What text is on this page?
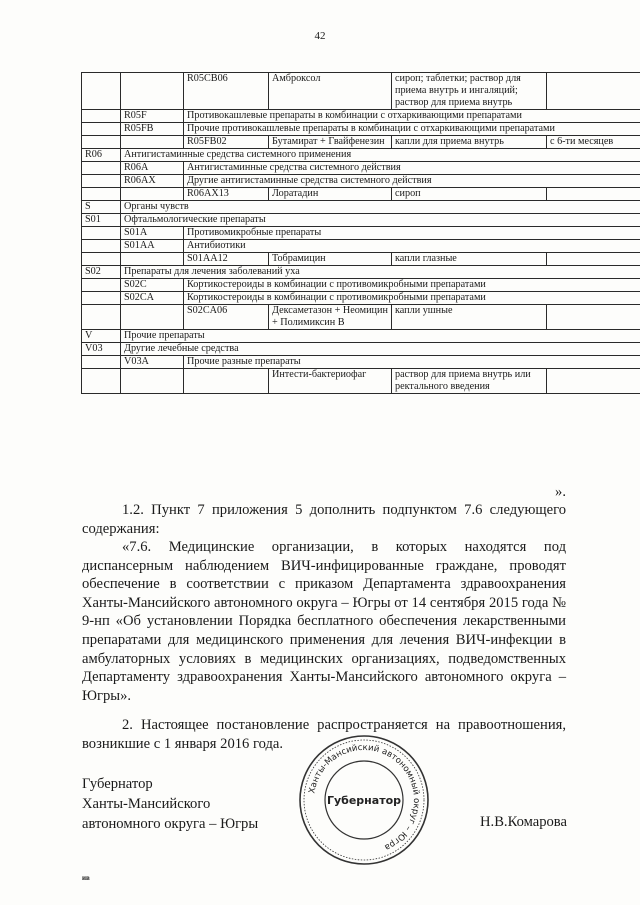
42
		R05CB06	Амброксол	сироп; таблетки; раствор для приема внутрь и ингаляций; раствор для приема внутрь	
	R05F	Противокашлевые препараты в комбинации с отхаркивающими препаратами			
	R05FB	Прочие противокашлевые препараты в комбинации с отхаркивающими препаратами			
		R05FB02	Бутамират + Гвайфенезин	капли для приема внутрь	с 6-ти месяцев
R06	Антигистаминные средства системного применения				
	R06A	Антигистаминные средства системного действия			
	R06AX	Другие антигистаминные средства системного действия			
		R06AX13	Лоратадин	сироп	
S	Органы чувств				
S01	Офтальмологические препараты				
	S01A	Противомикробные препараты			
	S01AA	Антибиотики			
		S01AA12	Тобрамицин	капли глазные	
S02	Препараты для лечения заболеваний уха				
	S02C	Кортикостероиды в комбинации с противомикробными препаратами			
	S02CA	Кортикостероиды в комбинации с противомикробными препаратами			
		S02CA06	Дексаметазон + Неомицин + Полимиксин В	капли ушные	
V	Прочие препараты				
V03	Другие лечебные средства				
	V03A	Прочие разные препараты			
			Интести-бактериофаг	раствор для приема внутрь или ректального введения	

».

1.2. Пункт 7 приложения 5 дополнить подпунктом 7.6 следующего содержания:

«7.6. Медицинские организации, в которых находятся под диспансерным наблюдением ВИЧ-инфицированные граждане, проводят обеспечение в соответствии с приказом Департамента здравоохранения Ханты-Мансийского автономного округа – Югры от 14 сентября 2015 года № 9-нп «Об установлении Порядка бесплатного обеспечения лекарственными препаратами для медицинского применения для лечения ВИЧ-инфекции в амбулаторных условиях в медицинских организациях, подведомственных Департаменту здравоохранения Ханты-Мансийского автономного округа – Югры».

2. Настоящее постановление распространяется на правоотношения, возникшие с 1 января 2016 года.

Губернатор
Ханты-Мансийского
автономного округа – Югры
Ханты-Мансийский автономный округ – Югра
Губернатор
Н.В.Комарова
ив
